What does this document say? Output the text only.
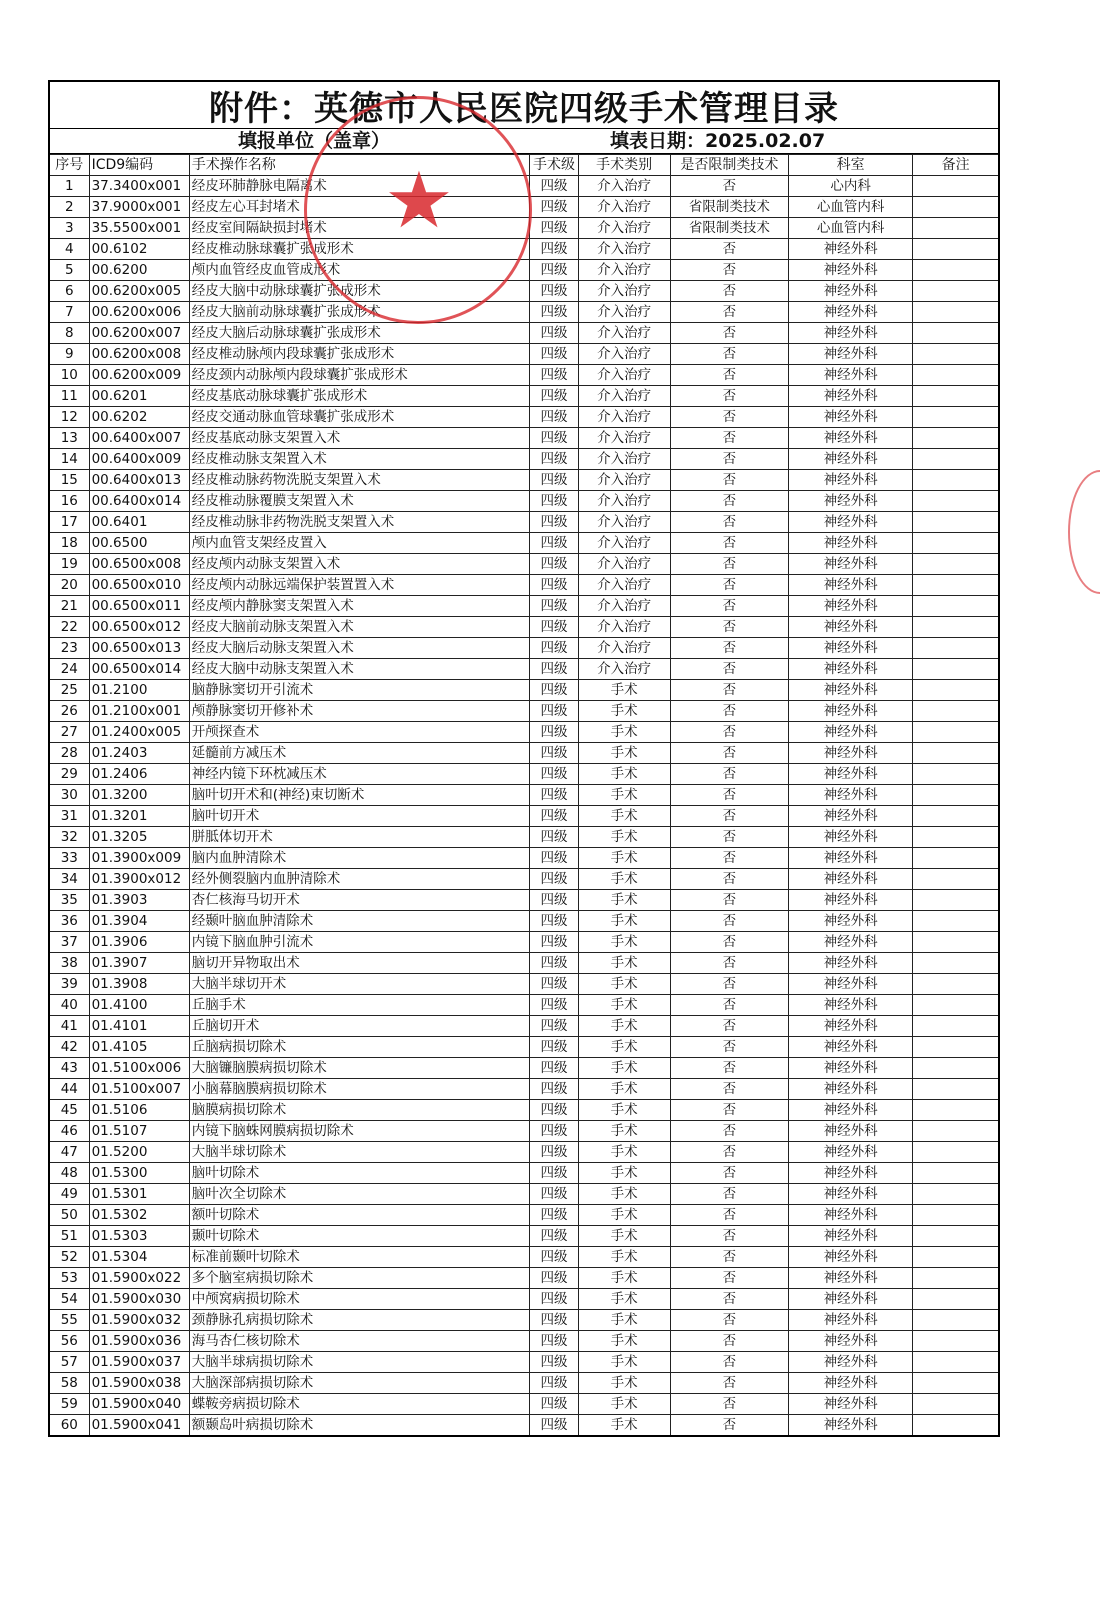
附件：英德市人民医院四级手术管理目录
填报单位（盖章）	填表日期：2025.02.07
序号	ICD9编码	手术操作名称	手术级	手术类别	是否限制类技术	科室	备注
1	37.3400x001	经皮环肺静脉电隔离术	四级	介入治疗	否	心内科	
2	37.9000x001	经皮左心耳封堵术	四级	介入治疗	省限制类技术	心血管内科	
3	35.5500x001	经皮室间隔缺损封堵术	四级	介入治疗	省限制类技术	心血管内科	
4	00.6102	经皮椎动脉球囊扩张成形术	四级	介入治疗	否	神经外科	
5	00.6200	颅内血管经皮血管成形术	四级	介入治疗	否	神经外科	
6	00.6200x005	经皮大脑中动脉球囊扩张成形术	四级	介入治疗	否	神经外科	
7	00.6200x006	经皮大脑前动脉球囊扩张成形术	四级	介入治疗	否	神经外科	
8	00.6200x007	经皮大脑后动脉球囊扩张成形术	四级	介入治疗	否	神经外科	
9	00.6200x008	经皮椎动脉颅内段球囊扩张成形术	四级	介入治疗	否	神经外科	
10	00.6200x009	经皮颈内动脉颅内段球囊扩张成形术	四级	介入治疗	否	神经外科	
11	00.6201	经皮基底动脉球囊扩张成形术	四级	介入治疗	否	神经外科	
12	00.6202	经皮交通动脉血管球囊扩张成形术	四级	介入治疗	否	神经外科	
13	00.6400x007	经皮基底动脉支架置入术	四级	介入治疗	否	神经外科	
14	00.6400x009	经皮椎动脉支架置入术	四级	介入治疗	否	神经外科	
15	00.6400x013	经皮椎动脉药物洗脱支架置入术	四级	介入治疗	否	神经外科	
16	00.6400x014	经皮椎动脉覆膜支架置入术	四级	介入治疗	否	神经外科	
17	00.6401	经皮椎动脉非药物洗脱支架置入术	四级	介入治疗	否	神经外科	
18	00.6500	颅内血管支架经皮置入	四级	介入治疗	否	神经外科	
19	00.6500x008	经皮颅内动脉支架置入术	四级	介入治疗	否	神经外科	
20	00.6500x010	经皮颅内动脉远端保护装置置入术	四级	介入治疗	否	神经外科	
21	00.6500x011	经皮颅内静脉窦支架置入术	四级	介入治疗	否	神经外科	
22	00.6500x012	经皮大脑前动脉支架置入术	四级	介入治疗	否	神经外科	
23	00.6500x013	经皮大脑后动脉支架置入术	四级	介入治疗	否	神经外科	
24	00.6500x014	经皮大脑中动脉支架置入术	四级	介入治疗	否	神经外科	
25	01.2100	脑静脉窦切开引流术	四级	手术	否	神经外科	
26	01.2100x001	颅静脉窦切开修补术	四级	手术	否	神经外科	
27	01.2400x005	开颅探查术	四级	手术	否	神经外科	
28	01.2403	延髓前方减压术	四级	手术	否	神经外科	
29	01.2406	神经内镜下环枕减压术	四级	手术	否	神经外科	
30	01.3200	脑叶切开术和(神经)束切断术	四级	手术	否	神经外科	
31	01.3201	脑叶切开术	四级	手术	否	神经外科	
32	01.3205	胼胝体切开术	四级	手术	否	神经外科	
33	01.3900x009	脑内血肿清除术	四级	手术	否	神经外科	
34	01.3900x012	经外侧裂脑内血肿清除术	四级	手术	否	神经外科	
35	01.3903	杏仁核海马切开术	四级	手术	否	神经外科	
36	01.3904	经颞叶脑血肿清除术	四级	手术	否	神经外科	
37	01.3906	内镜下脑血肿引流术	四级	手术	否	神经外科	
38	01.3907	脑切开异物取出术	四级	手术	否	神经外科	
39	01.3908	大脑半球切开术	四级	手术	否	神经外科	
40	01.4100	丘脑手术	四级	手术	否	神经外科	
41	01.4101	丘脑切开术	四级	手术	否	神经外科	
42	01.4105	丘脑病损切除术	四级	手术	否	神经外科	
43	01.5100x006	大脑镰脑膜病损切除术	四级	手术	否	神经外科	
44	01.5100x007	小脑幕脑膜病损切除术	四级	手术	否	神经外科	
45	01.5106	脑膜病损切除术	四级	手术	否	神经外科	
46	01.5107	内镜下脑蛛网膜病损切除术	四级	手术	否	神经外科	
47	01.5200	大脑半球切除术	四级	手术	否	神经外科	
48	01.5300	脑叶切除术	四级	手术	否	神经外科	
49	01.5301	脑叶次全切除术	四级	手术	否	神经外科	
50	01.5302	额叶切除术	四级	手术	否	神经外科	
51	01.5303	颞叶切除术	四级	手术	否	神经外科	
52	01.5304	标准前颞叶切除术	四级	手术	否	神经外科	
53	01.5900x022	多个脑室病损切除术	四级	手术	否	神经外科	
54	01.5900x030	中颅窝病损切除术	四级	手术	否	神经外科	
55	01.5900x032	颈静脉孔病损切除术	四级	手术	否	神经外科	
56	01.5900x036	海马杏仁核切除术	四级	手术	否	神经外科	
57	01.5900x037	大脑半球病损切除术	四级	手术	否	神经外科	
58	01.5900x038	大脑深部病损切除术	四级	手术	否	神经外科	
59	01.5900x040	蝶鞍旁病损切除术	四级	手术	否	神经外科	
60	01.5900x041	额颞岛叶病损切除术	四级	手术	否	神经外科	
★
